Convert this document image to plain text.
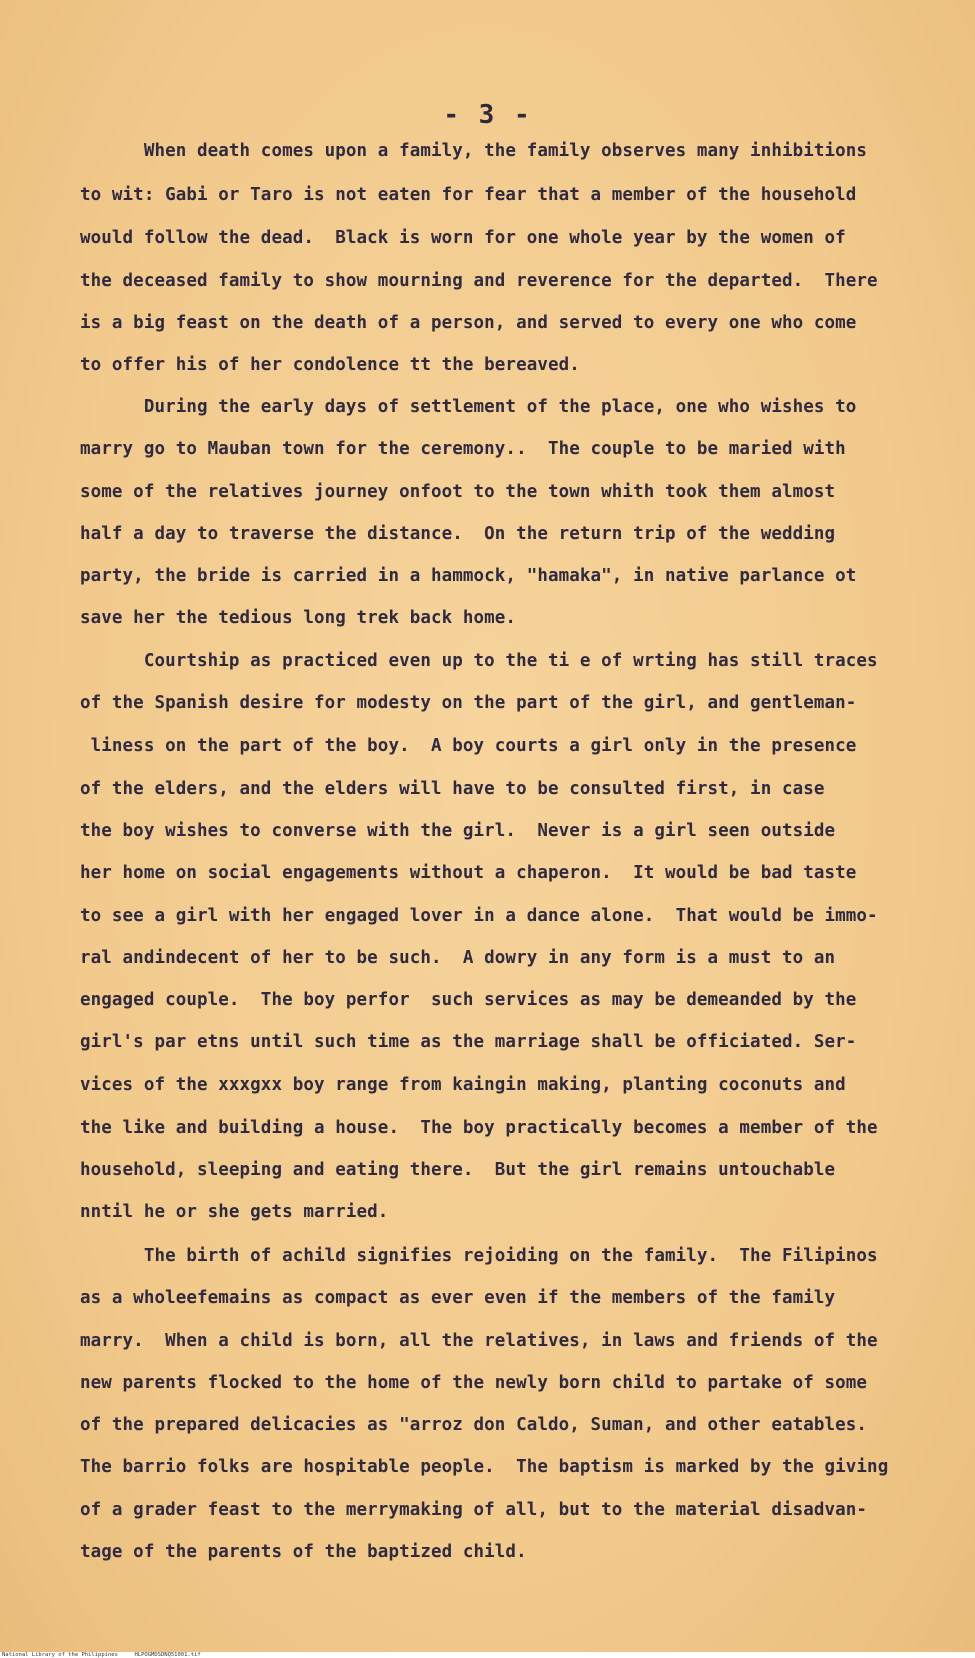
- 3 -
When death comes upon a family, the family observes many inhibitions
to wit: Gabi or Taro is not eaten for fear that a member of the household
would follow the dead.  Black is worn for one whole year by the women of
the deceased family to show mourning and reverence for the departed.  There
is a big feast on the death of a person, and served to every one who come
to offer his of her condolence tt the bereaved.
During the early days of settlement of the place, one who wishes to
marry go to Mauban town for the ceremony..  The couple to be maried with
some of the relatives journey onfoot to the town whith took them almost
half a day to traverse the distance.  On the return trip of the wedding
party, the bride is carried in a hammock, "hamaka", in native parlance ot
save her the tedious long trek back home.
Courtship as practiced even up to the ti e of wrting has still traces
of the Spanish desire for modesty on the part of the girl, and gentleman-
liness on the part of the boy.  A boy courts a girl only in the presence
of the elders, and the elders will have to be consulted first, in case
the boy wishes to converse with the girl.  Never is a girl seen outside
her home on social engagements without a chaperon.  It would be bad taste
to see a girl with her engaged lover in a dance alone.  That would be immo-
ral andindecent of her to be such.  A dowry in any form is a must to an
engaged couple.  The boy perfor  such services as may be demeanded by the
girl's par etns until such time as the marriage shall be officiated. Ser-
vices of the xxxgxx boy range from kaingin making, planting coconuts and
the like and building a house.  The boy practically becomes a member of the
household, sleeping and eating there.  But the girl remains untouchable
nntil he or she gets married.
The birth of achild signifies rejoiding on the family.  The Filipinos
as a wholeefemains as compact as ever even if the members of the family
marry.  When a child is born, all the relatives, in laws and friends of the
new parents flocked to the home of the newly born child to partake of some
of the prepared delicacies as "arroz don Caldo, Suman, and other eatables.
The barrio folks are hospitable people.  The baptism is marked by the giving
of a grader feast to the merrymaking of all, but to the material disadvan-
tage of the parents of the baptized child.
National Library of the Philippines     HLPOGMDSDNQ51001.tif
